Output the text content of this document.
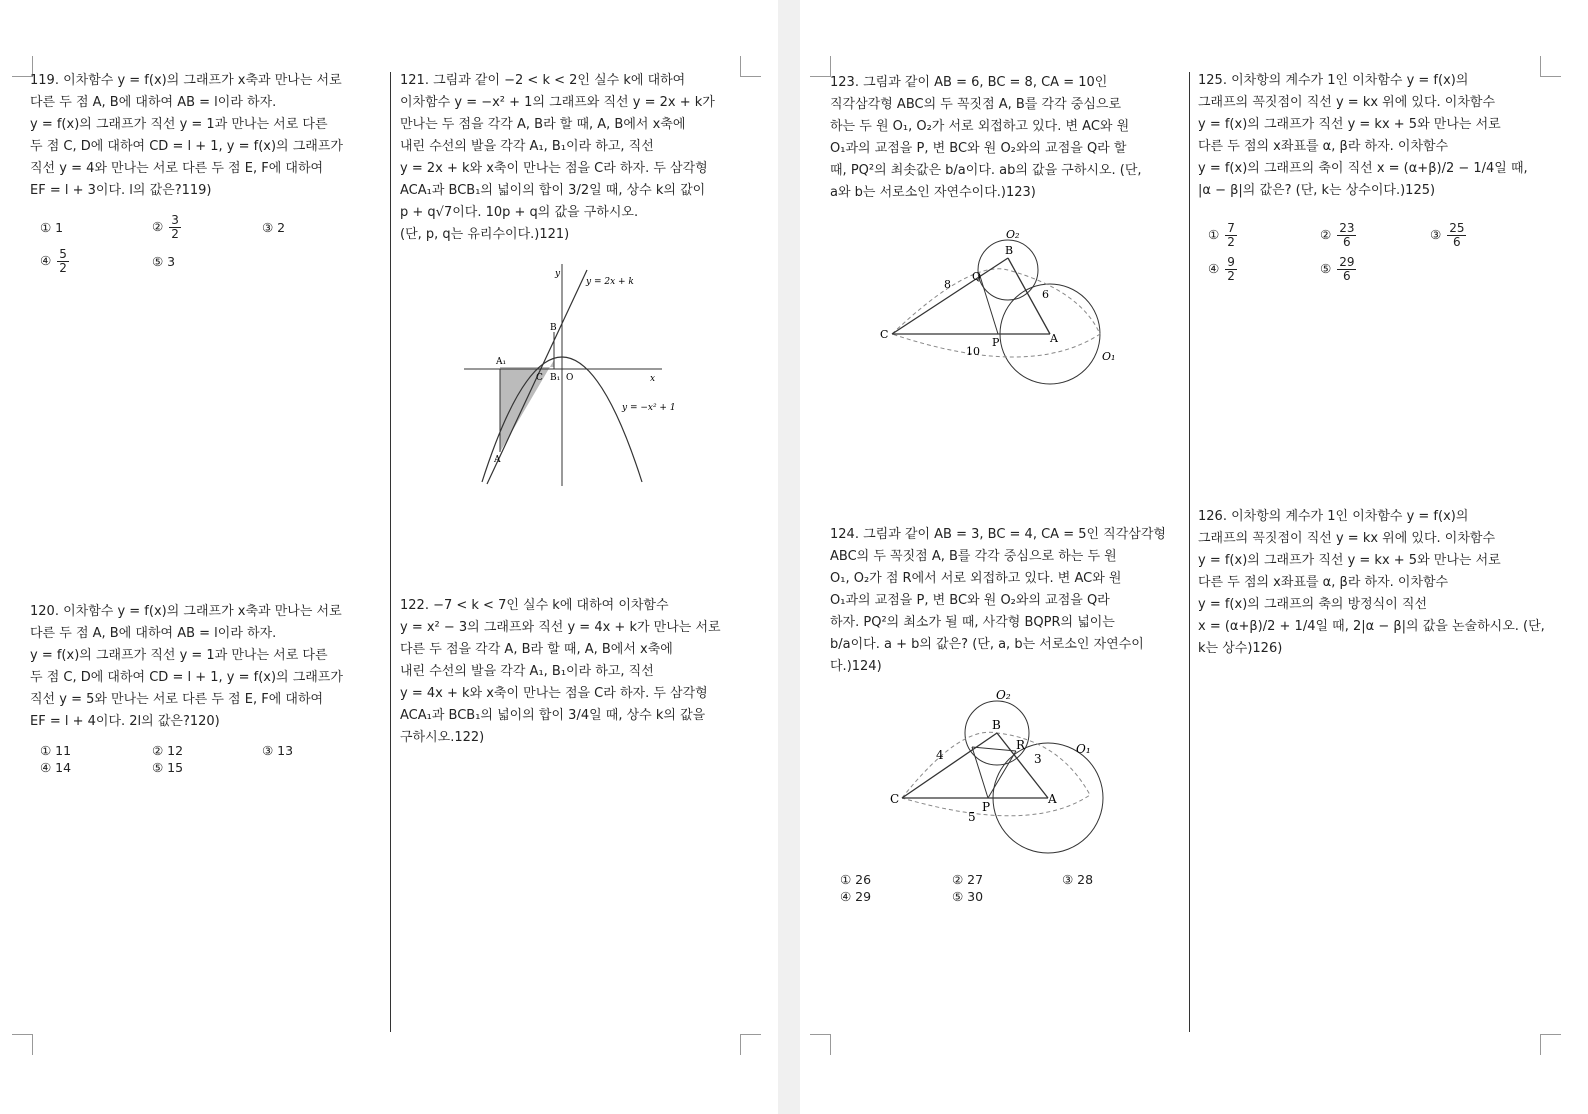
119. 이차함수 y = f(x)의 그래프가 x축과 만나는 서로

다른 두 점 A, B에 대하여 AB = l이라 하자.

y = f(x)의 그래프가 직선 y = 1과 만나는 서로 다른

두 점 C, D에 대하여 CD = l + 1, y = f(x)의 그래프가

직선 y = 4와 만나는 서로 다른 두 점 E, F에 대하여

EF = l + 3이다. l의 값은?119)

① 1	② $\frac{3}{2}$	③ 2
④ $\frac{5}{2}$	⑤ 3

120. 이차함수 y = f(x)의 그래프가 x축과 만나는 서로

다른 두 점 A, B에 대하여 AB = l이라 하자.

y = f(x)의 그래프가 직선 y = 1과 만나는 서로 다른

두 점 C, D에 대하여 CD = l + 1, y = f(x)의 그래프가

직선 y = 5와 만나는 서로 다른 두 점 E, F에 대하여

EF = l + 4이다. 2l의 값은?120)

① 11	② 12	③ 13
④ 14	⑤ 15

121. 그림과 같이 −2 < k < 2인 실수 k에 대하여

이차함수 y = −x² + 1의 그래프와 직선 y = 2x + k가

만나는 두 점을 각각 A, B라 할 때, A, B에서 x축에

내린 수선의 발을 각각 A₁, B₁이라 하고, 직선

y = 2x + k와 x축이 만나는 점을 C라 하자. 두 삼각형

ACA₁과 BCB₁의 넓이의 합이 3/2일 때, 상수 k의 값이

p + q√7이다. 10p + q의 값을 구하시오.

(단, p, q는 유리수이다.)121)

y = 2x + k
y = −x² + 1
y
x
O
A
B
C
A₁
B₁

122. −7 < k < 7인 실수 k에 대하여 이차함수

y = x² − 3의 그래프와 직선 y = 4x + k가 만나는 서로

다른 두 점을 각각 A, B라 할 때, A, B에서 x축에

내린 수선의 발을 각각 A₁, B₁이라 하고, 직선

y = 4x + k와 x축이 만나는 점을 C라 하자. 두 삼각형

ACA₁과 BCB₁의 넓이의 합이 3/4일 때, 상수 k의 값을

구하시오.122)

123. 그림과 같이 AB = 6, BC = 8, CA = 10인

직각삼각형 ABC의 두 꼭짓점 A, B를 각각 중심으로

하는 두 원 O₁, O₂가 서로 외접하고 있다. 변 AC와 원

O₁과의 교점을 P, 변 BC와 원 O₂와의 교점을 Q라 할

때, PQ²의 최솟값은 b/a이다. ab의 값을 구하시오. (단,

a와 b는 서로소인 자연수이다.)123)

O₂
O₁
B
Q
C
P	A
8
6
10

124. 그림과 같이 AB = 3, BC = 4, CA = 5인 직각삼각형

ABC의 두 꼭짓점 A, B를 각각 중심으로 하는 두 원

O₁, O₂가 점 R에서 서로 외접하고 있다. 변 AC와 원

O₁과의 교점을 P, 변 BC와 원 O₂와의 교점을 Q라

하자. PQ²의 최소가 될 때, 사각형 BQPR의 넓이는

b/a이다. a + b의 값은? (단, a, b는 서로소인 자연수이다.)124)

O₂
O₁
B
R
C
P
A
4	3
5
① 26	② 27	③ 28
④ 29	⑤ 30

125. 이차항의 계수가 1인 이차함수 y = f(x)의

그래프의 꼭짓점이 직선 y = kx 위에 있다. 이차함수

y = f(x)의 그래프가 직선 y = kx + 5와 만나는 서로

다른 두 점의 x좌표를 α, β라 하자. 이차함수

y = f(x)의 그래프의 축이 직선 x = (α+β)/2 − 1/4일 때,

|α − β|의 값은? (단, k는 상수이다.)125)

① $\frac{7}{2}$	② $\frac{23}{6}$	③ $\frac{25}{6}$
④ $\frac{9}{2}$	⑤ $\frac{29}{6}$

126. 이차항의 계수가 1인 이차함수 y = f(x)의

그래프의 꼭짓점이 직선 y = kx 위에 있다. 이차함수

y = f(x)의 그래프가 직선 y = kx + 5와 만나는 서로

다른 두 점의 x좌표를 α, β라 하자. 이차함수

y = f(x)의 그래프의 축의 방정식이 직선

x = (α+β)/2 + 1/4일 때, 2|α − β|의 값을 논술하시오. (단,

k는 상수)126)
